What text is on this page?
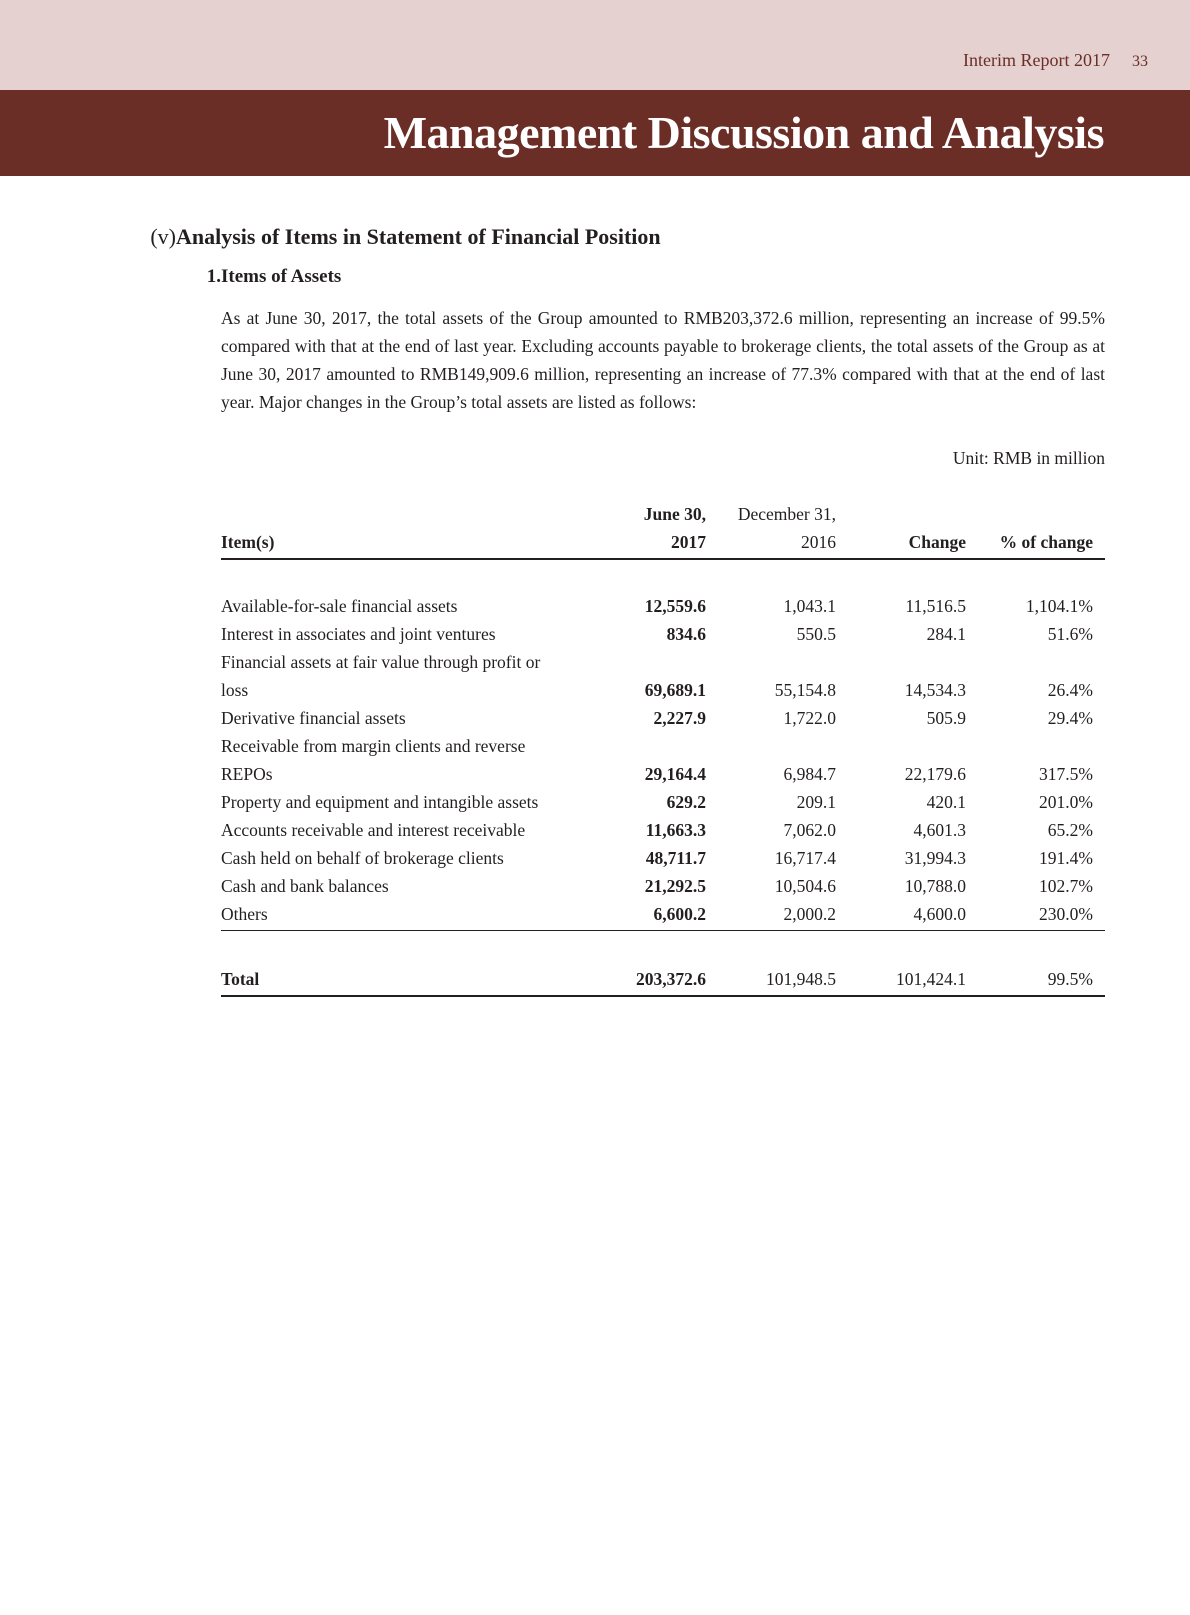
Interim Report 2017 33
Management Discussion and Analysis
(v)Analysis of Items in Statement of Financial Position
1.Items of Assets

As at June 30, 2017, the total assets of the Group amounted to RMB203,372.6 million, representing an increase of 99.5% compared with that at the end of last year. Excluding accounts payable to brokerage clients, the total assets of the Group as at June 30, 2017 amounted to RMB149,909.6 million, representing an increase of 77.3% compared with that at the end of last year. Major changes in the Group’s total assets are listed as follows:

Unit: RMB in million
	June 30,	December 31,		
Item(s)	2017	2016	Change	% of change

Available-for-sale financial assets	12,559.6	1,043.1	11,516.5	1,104.1%
Interest in associates and joint ventures	834.6	550.5	284.1	51.6%
Financial assets at fair value through profit or				
loss	69,689.1	55,154.8	14,534.3	26.4%
Derivative financial assets	2,227.9	1,722.0	505.9	29.4%
Receivable from margin clients and reverse				
REPOs	29,164.4	6,984.7	22,179.6	317.5%
Property and equipment and intangible assets	629.2	209.1	420.1	201.0%
Accounts receivable and interest receivable	11,663.3	7,062.0	4,601.3	65.2%
Cash held on behalf of brokerage clients	48,711.7	16,717.4	31,994.3	191.4%
Cash and bank balances	21,292.5	10,504.6	10,788.0	102.7%
Others	6,600.2	2,000.2	4,600.0	230.0%

Total	203,372.6	101,948.5	101,424.1	99.5%
